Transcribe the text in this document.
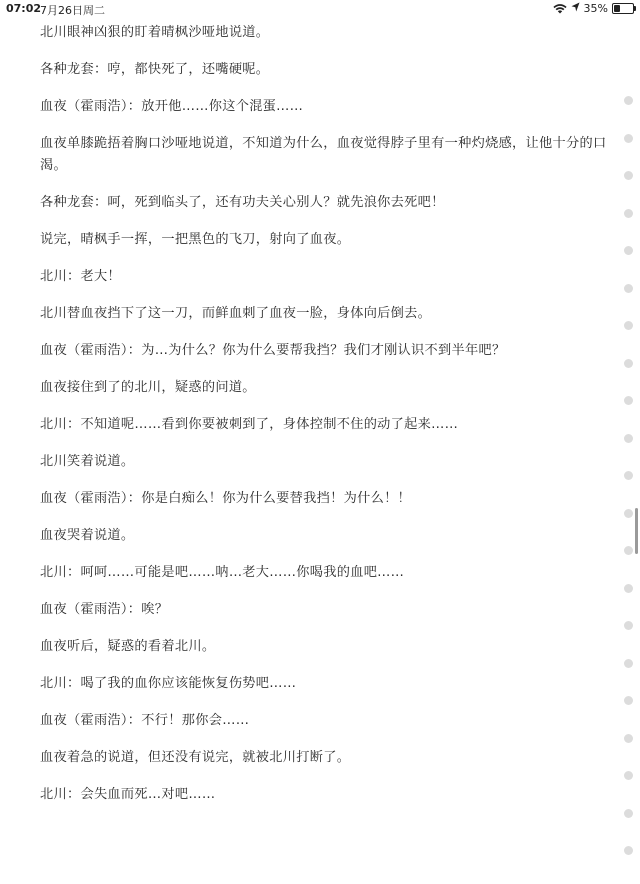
07:02
7月26日周二	35%

北川眼神凶狠的盯着晴枫沙哑地说道。

各种龙套：哼，都快死了，还嘴硬呢。

血夜（霍雨浩）：放开他……你这个混蛋……

血夜单膝跪捂着胸口沙哑地说道，不知道为什么，血夜觉得脖子里有一种灼烧感，让他十分的口渴。

各种龙套：呵，死到临头了，还有功夫关心别人？就先浪你去死吧！

说完，晴枫手一挥，一把黑色的飞刀，射向了血夜。

北川：老大！

北川替血夜挡下了这一刀，而鲜血刺了血夜一脸，身体向后倒去。

血夜（霍雨浩）：为…为什么？你为什么要帮我挡？我们才刚认识不到半年吧？

血夜接住到了的北川，疑惑的问道。

北川：不知道呢……看到你要被刺到了，身体控制不住的动了起来……

北川笑着说道。

血夜（霍雨浩）：你是白痴么！你为什么要替我挡！为什么！！

血夜哭着说道。

北川：呵呵……可能是吧……呐…老大……你喝我的血吧……

血夜（霍雨浩）：唉？

血夜听后，疑惑的看着北川。

北川：喝了我的血你应该能恢复伤势吧……

血夜（霍雨浩）：不行！那你会……

血夜着急的说道，但还没有说完，就被北川打断了。

北川：会失血而死…对吧……
